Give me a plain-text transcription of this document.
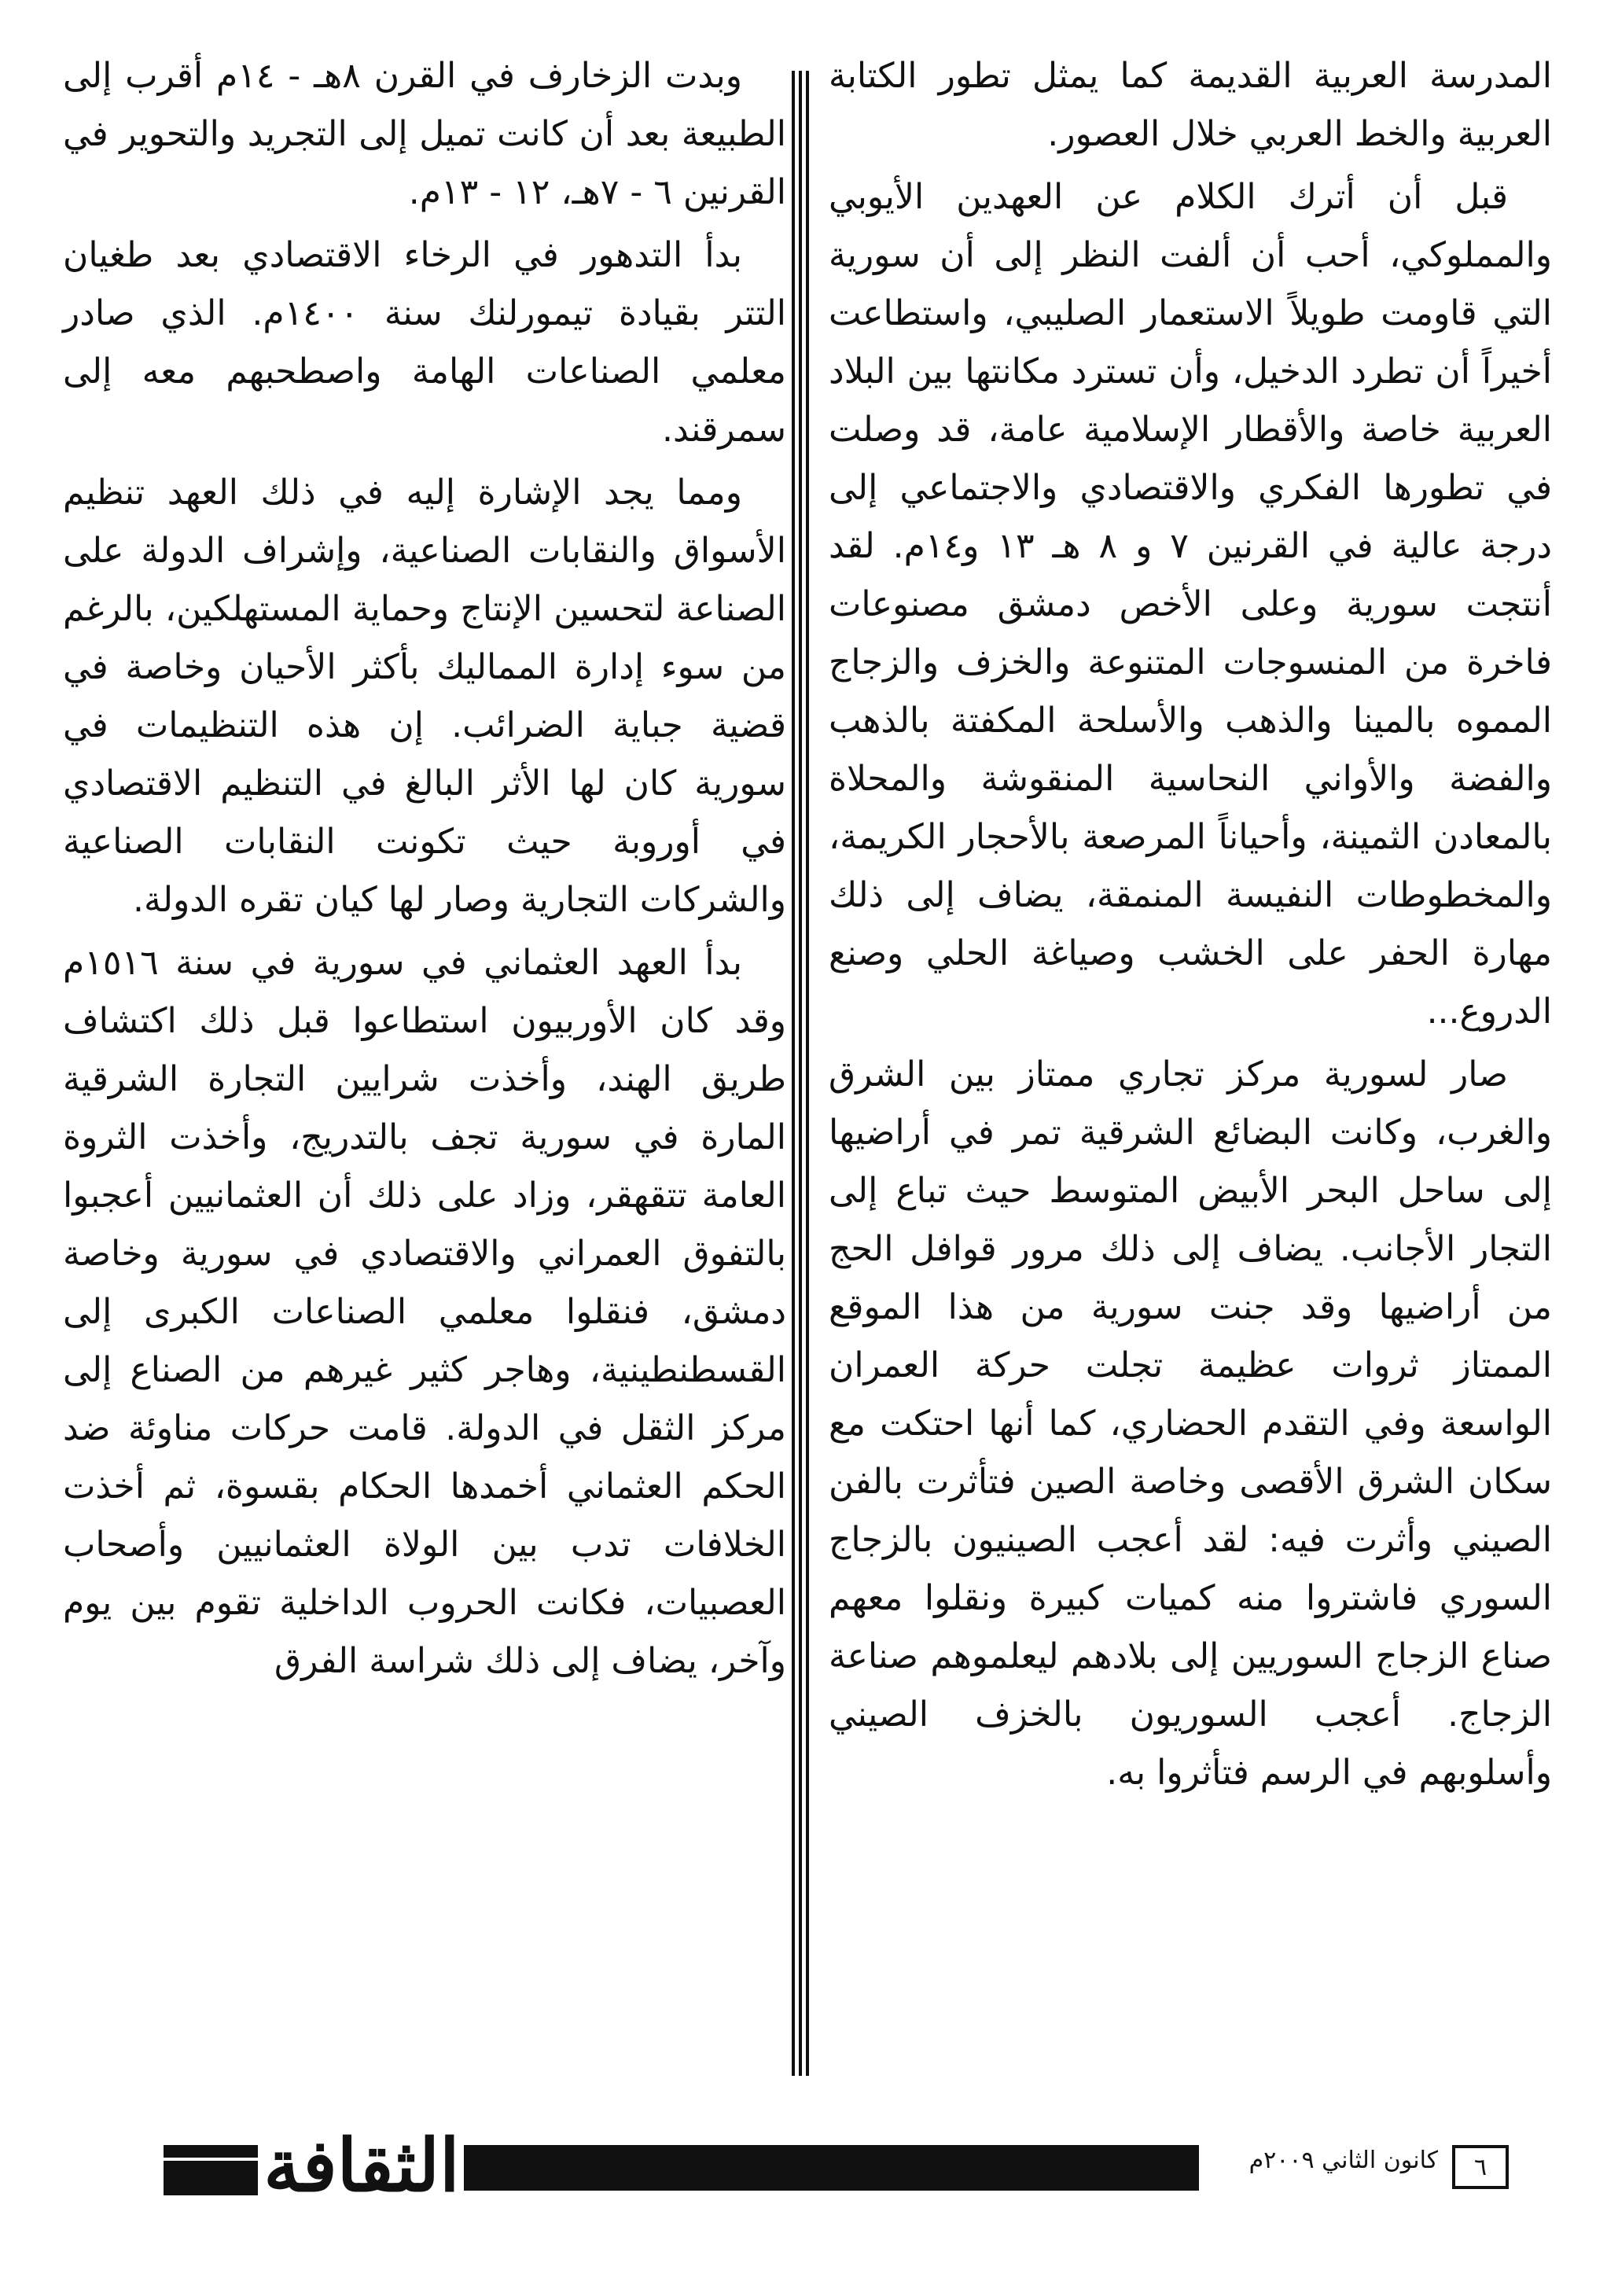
المدرسة العربية القديمة كما يمثل تطور الكتابة العربية والخط العربي خلال العصور.

قبل أن أترك الكلام عن العهدين الأيوبي والمملوكي، أحب أن ألفت النظر إلى أن سورية التي قاومت طويلاً الاستعمار الصليبي، واستطاعت أخيراً أن تطرد الدخيل، وأن تسترد مكانتها بين البلاد العربية خاصة والأقطار الإسلامية عامة، قد وصلت في تطورها الفكري والاقتصادي والاجتماعي إلى درجة عالية في القرنين ٧ و ٨ هـ ١٣ و١٤م. لقد أنتجت سورية وعلى الأخص دمشق مصنوعات فاخرة من المنسوجات المتنوعة والخزف والزجاج المموه بالمينا والذهب والأسلحة المكفتة بالذهب والفضة والأواني النحاسية المنقوشة والمحلاة بالمعادن الثمينة، وأحياناً المرصعة بالأحجار الكريمة، والمخطوطات النفيسة المنمقة، يضاف إلى ذلك مهارة الحفر على الخشب وصياغة الحلي وصنع الدروع...

صار لسورية مركز تجاري ممتاز بين الشرق والغرب، وكانت البضائع الشرقية تمر في أراضيها إلى ساحل البحر الأبيض المتوسط حيث تباع إلى التجار الأجانب. يضاف إلى ذلك مرور قوافل الحج من أراضيها وقد جنت سورية من هذا الموقع الممتاز ثروات عظيمة تجلت حركة العمران الواسعة وفي التقدم الحضاري، كما أنها احتكت مع سكان الشرق الأقصى وخاصة الصين فتأثرت بالفن الصيني وأثرت فيه: لقد أعجب الصينيون بالزجاج السوري فاشتروا منه كميات كبيرة ونقلوا معهم صناع الزجاج السوريين إلى بلادهم ليعلموهم صناعة الزجاج. أعجب السوريون بالخزف الصيني وأسلوبهم في الرسم فتأثروا به.

وبدت الزخارف في القرن ٨هـ - ١٤م أقرب إلى الطبيعة بعد أن كانت تميل إلى التجريد والتحوير في القرنين ٦ - ٧هـ، ١٢ - ١٣م.

بدأ التدهور في الرخاء الاقتصادي بعد طغيان التتر بقيادة تيمورلنك سنة ١٤٠٠م. الذي صادر معلمي الصناعات الهامة واصطحبهم معه إلى سمرقند.

ومما يجد الإشارة إليه في ذلك العهد تنظيم الأسواق والنقابات الصناعية، وإشراف الدولة على الصناعة لتحسين الإنتاج وحماية المستهلكين، بالرغم من سوء إدارة المماليك بأكثر الأحيان وخاصة في قضية جباية الضرائب. إن هذه التنظيمات في سورية كان لها الأثر البالغ في التنظيم الاقتصادي في أوروبة حيث تكونت النقابات الصناعية والشركات التجارية وصار لها كيان تقره الدولة.

بدأ العهد العثماني في سورية في سنة ١٥١٦م وقد كان الأوربيون استطاعوا قبل ذلك اكتشاف طريق الهند، وأخذت شرايين التجارة الشرقية المارة في سورية تجف بالتدريج، وأخذت الثروة العامة تتقهقر، وزاد على ذلك أن العثمانيين أعجبوا بالتفوق العمراني والاقتصادي في سورية وخاصة دمشق، فنقلوا معلمي الصناعات الكبرى إلى القسطنطينية، وهاجر كثير غيرهم من الصناع إلى مركز الثقل في الدولة. قامت حركات مناوئة ضد الحكم العثماني أخمدها الحكام بقسوة، ثم أخذت الخلافات تدب بين الولاة العثمانيين وأصحاب العصبيات، فكانت الحروب الداخلية تقوم بين يوم وآخر، يضاف إلى ذلك شراسة الفرق

٦
كانون الثاني ٢٠٠٩م
الثقافة
